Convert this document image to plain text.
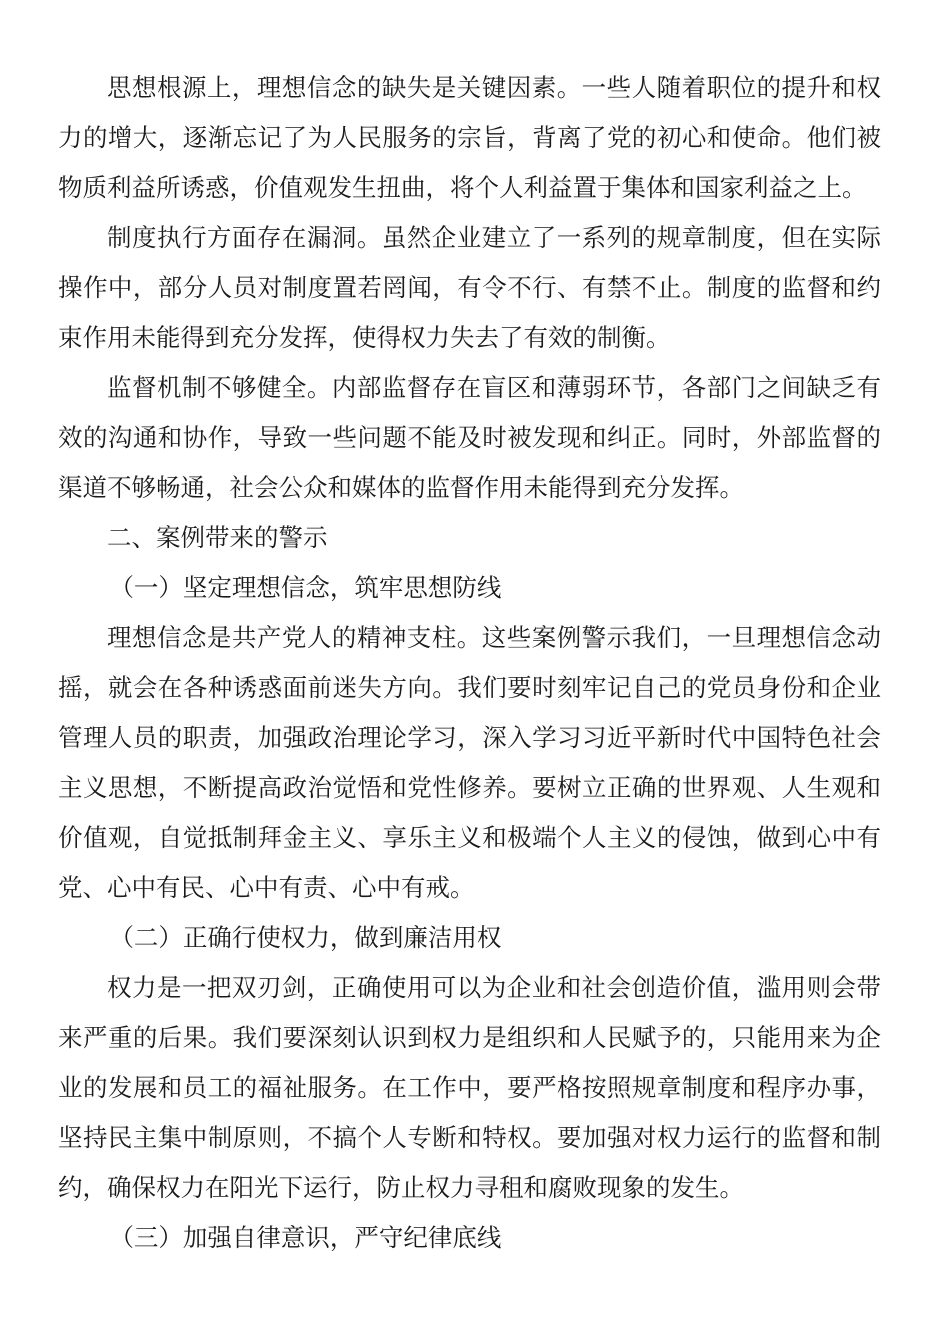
思想根源上，理想信念的缺失是关键因素。一些人随着职位的提升和权力的增大，逐渐忘记了为人民服务的宗旨，背离了党的初心和使命。他们被物质利益所诱惑，价值观发生扭曲，将个人利益置于集体和国家利益之上。

制度执行方面存在漏洞。虽然企业建立了一系列的规章制度，但在实际操作中，部分人员对制度置若罔闻，有令不行、有禁不止。制度的监督和约束作用未能得到充分发挥，使得权力失去了有效的制衡。

监督机制不够健全。内部监督存在盲区和薄弱环节，各部门之间缺乏有效的沟通和协作，导致一些问题不能及时被发现和纠正。同时，外部监督的渠道不够畅通，社会公众和媒体的监督作用未能得到充分发挥。

二、案例带来的警示

（一）坚定理想信念，筑牢思想防线

理想信念是共产党人的精神支柱。这些案例警示我们，一旦理想信念动摇，就会在各种诱惑面前迷失方向。我们要时刻牢记自己的党员身份和企业管理人员的职责，加强政治理论学习，深入学习习近平新时代中国特色社会主义思想，不断提高政治觉悟和党性修养。要树立正确的世界观、人生观和价值观，自觉抵制拜金主义、享乐主义和极端个人主义的侵蚀，做到心中有党、心中有民、心中有责、心中有戒。

（二）正确行使权力，做到廉洁用权

权力是一把双刃剑，正确使用可以为企业和社会创造价值，滥用则会带来严重的后果。我们要深刻认识到权力是组织和人民赋予的，只能用来为企业的发展和员工的福祉服务。在工作中，要严格按照规章制度和程序办事，坚持民主集中制原则，不搞个人专断和特权。要加强对权力运行的监督和制约，确保权力在阳光下运行，防止权力寻租和腐败现象的发生。

（三）加强自律意识，严守纪律底线
